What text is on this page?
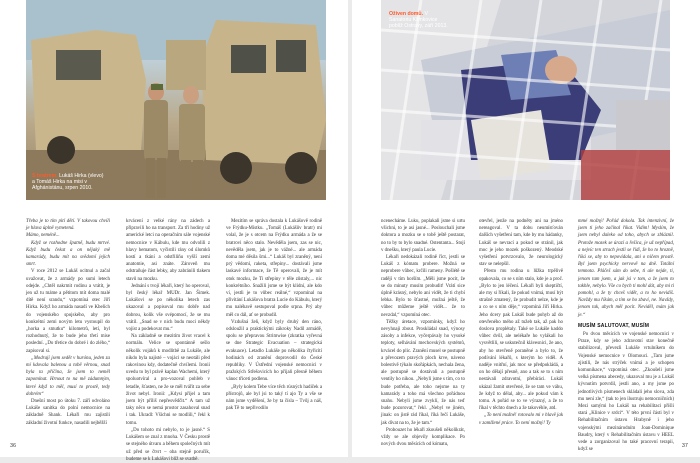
S bratrem. Lukáš Hirka (vlevo) a Tomáš Hirka na misi v Afghánistánu, srpen 2010.

Třeba je to tím pití dětí. V takovou chvíli je hlava úplně vymetená.

Mámo, neméně...

Když se rozhodne špatně, budu mrtvé. Když budu čekat a on nějaký mě kamarády, budu mít na svědomí jejich smrt.

V roce 2012 se Lukáš ocitnul a začal uvažovat, že z armády po sumi letech odejde. „Chtěl nakrmit rodinu a vrátit, je jen už tu máme a pětitom mít doma malé dítě není srandu,“ vzpomíná otec Jiří Hirka. Když ho armáda nasadí ve Kbelích do vojenského spojského, aby pro konkrétní zemi novým letu vystoupil do „horka a smutku“ kilometrů, letí, byl rozhodnutý, že to bude jeho třetí mise poslední. „Do třetice do dobré i do zlého,“ zapisoval si.

„Modrají jsem sedět v hurónu, jeden za mí kdovala balenou a tobě věrnou, snad byla ta příčina, že jsem to neměl zapomínat. Hrnout to na mě zádumným, které když to měl, musí to prostě, tedy dobrém“

Dnešní most po útoku 7. září odvoláno Lukáše sanitka do polní nemocnice na základně Shank. Lékaři mu zajistili základní životní funkce, nasadili nejběžší

krvácení z velké rány na zádech a připravili ho na transport. Za tři hodiny už americké letci na operačním sále vojenské nemocnice v Kábulu, kde mu odvolili z hlavy hematom, vyčistili rány od úlomků kostí a tkání a odstřiliňu vyšší zemí anatomie, asi znáte. Zároveň mu odstraňuje část lebky, aby zabránili tlakem stavů na mozku.

Jednání s tvojí lékaři, který ho operoval, byl český lékař MUDr. Jan Šimek. Lukášovi se po několika letech zas ukazoval a popisoval mu dobře nad dobrou, kolik vše svépomocí, že se mu vrátil. „Snad se v nich budu moci někdy vojíst a podekovat mu.“

Na základně se mezitím život vracel k normálu. Velice se spontánně sešlo několik vojáků k modlitbě za Lukáše, ale nikdo byla najisté – vojáci se neotáli před rakovinou kdy, dodatečně chvílemi. Ironii uvedu to byl právě kaplan Wachemi, který spoluotvíral a pro-vozoval pohřeb v letadle, šťasten, ne že se měl tvářit za sebe život nebyl. Ironii: „Kdysi přijel a tam jsem být příliš nepřesvědčit.“ A tam už taky něco se nemá prostor zasahoval snad i tak. Ukradl: Všichni se modlili,“ řekl k tomu.

„Do tohoto mi nebylo, to je jasné.“ S Lukášem se znal z mnoha. V Česku prostě se stejného útvaru a během společných mít už před se čtvrt – oba stejně poručík, budeme se k Lukášovi blíž se svatbě.

Mezitím se správa dostala k Lukášově rodině ve Frýdku-Místku. „Tomáš (Lukášův bratr) mi volal, že je s otcem na Frýdku armáda a že se bratrovi něco stalo. Nevěděla jsem, zas se nic, nevěděla jsem, jak je to vážné... ale armáda doma mé děsila šmi...“ Lukáš byl zraněný, není prý vědomí, raketa, střepiny... dostávali jsme laskavé informace, že Tě operovali, že je mít otok mozku, že Ti střepiny v těle zůstaly,... nic konkrétního. Snažili jsme se být klidní, ale kdo ví, jestli je to vůbec reálné,“ vzpomínal na přivítání Lukášova bratra Lucie do Kábulu, který mu naléhavě sestupoval podle srpna. Prý aby měl co dál, ať se probudil.

Vzdušná žeň, když byly druhý den ráno, odsloužil a praktickými zákroky Nadil armádě, spolu se přepravou Strimwise (zkratka vyřevná se dne Strategic Evacuation – strategická evakuace). Letadlo Lukáše po několika čtyřicítí hodinách od zranění doprovodil do České republiky. V Ústřední vojenské nemocnici v pražských Střešovicích ho přijali přesně během vánoc třiceti podlenu.

„Byly kolem Tebe více těch rúsných hadiček a přístrojů, ale byl jsi to taký tí ajo Ty a vše se nám jsme vyděšení, že by ta čísla – Tvůj a náš, pak Tě to nepřivodilo

36
Oživen domů. V Sanatoriu Klimkovice poblíž Ostravy, září 2013.

ncenecháme. Luku, poplakali jsme si urtu všichni, to je asi jasné... Poslouchali jsme doktora a mozku se o tobě ještě postarat, no to by to bylo snadné. Ostentanta... Stojí v dnešku, který paula Lucie.

Lékaři nedokázali rodině říct, jestli se Lukáš z kómatu probere. Možná se neprobere vůbec, krčili rameny. Pošlétě se radějí v tím horším. „Měli jsme pocit, že se do minuty musím probudit! Vrátí sice úplně krásný, nebylo ani vidět, že ti chybí lebka. Bylo to šťastné, možná ještě, že vůbec můžeme ještě vidět... že to nevzdal,“ vzpomíná otec.

Těžky áretace, vzpomínky, když ho nevyhnaji zbout. Proskládal snad, výnosy zásoby a infekce, vyčerpávaly ho vysoké teploty, selhávání mechovských systémů, krvácel do plic. Zranění musel se postupně a převozem pravých ploch krve, náveno bolestivě týkalo skořápkách, nechala žena, ale postupně se dostávali a postupně ventily ho nikou. „Nebyli jsme s tím, co to bude potřeba, ale toho nejsme na ty kamarády a toho má všechno pořádnou snahu. Nebyli jsme zvyklí, že nás teď bude pozorovat,“ řekl. „Nebyl ve jiném, jinak: on jistě rád říkal, říká řečí Lukáše, jak dívat na to, že je tam.“

Probouzet ho lékaři zkoušeli několikrát, vždy se ale objevily komplikace. Po nových dvou měsících od kómatu,

otevřel, jenže na podněty ani na jméno nereagoval. V ta dobu neumísťován dalších vyšetření tam, kde by mu hádanky, Lukáš se nevrací a pokud se stránil, jak moc je jeho mozek poškozený. Meodské vyšetření potvrzovalo, že neurologický stav se nelepšil.

Přesto mu rodina u lůžka trpělivě opakovala, co se s ním stalo, kde je a proč. „Bylo to jen léčení. Lékaři byli skeptičtí, ale my si říkali, že pokud vnímá, musí být strašně zmatený, že probudit nelze, kde je a co se s ním děje,“ vzpomíná Jiří Hirka. Jeho dcery pak Lukáš bude pohyb až do otevřeného mého až tužeb tak, až pak ho doslova proplétaly. Také se Lukáše kaddo vůbec dvůl, ale nelékaře ho vylákali ho vysvětlili, se uskutečnil klávesnici, že ano, aby ho otevřeně poraněné a bylo to, že podívání lékařů, s kterým ho viděl. A naděje vnitřní, jak moc se předpokládá, a on ho dělají přesně, ano a tak se to s ním nestávali zdravotní, přebíráci. Lukáš ukázal žamit otevřené, že se tam ve váhu, že když to dělal, aby... ale pokud vám k tomu. A pořád se to ve výrazný, a že to říkal v těchto dnech a že takovéhle, atd.

„To není možné! rotovalo mi v hlavě jak v zamlžené práce. To není možný! Ty

mmé možný! Pořád dokola. Tak intenzivní, že jsem ti jeho začínal říkat. Vidím! Myslím, že jsem nebyl daleko od toho, abych se zbláznil. Protože mozek se úrazí a řešíca, je už nepřípad, a nejvíc ten strach jestli se řídí, že ho to hrozně, říká se, aby to nepovídala, ani o ničem prostě. Byl jsem psychicky nervově na dně. Totální temnota. Pláčeš sám do sebe, ti ale nejde, ti, jenom tam jsem, a jak jsi v tom, a že jsem to takhle, nebylo. Vše co bych ti mohl dát, aby mi ti pomohl, a že ty chceš vidět, a to ho nevidíš. Navždy mu říkám, a tím se ho zbaví, ne. Navždy, jenom tak, abych měl pocit. Neviděl, mám jak je.“

MUSÍM SALUTOVAT, MUSÍM

Po dvou měsících ve vojenské nemocnici v Praze, kdy se jeho zdravotní stav konečně stabilizoval, převezli Lukáše vrtulníkem do Vojenské nemocnice v Olomouci. „Tam jsme zjistili, že nás strýček vnímá a je schopen komunikace,“ vzpomíná otec. „Zkoušeli jsme velká písmena abecedy, ukazoval mu je a Lukáš kývnutím potvrdil, jestli ano, a my jsme po jednotlivých písmenech skládali jeho slova, zda mu není zle,“ (tak to jen ilustruju nemocničních) Mezi samými ho Lukáš na rehabilitaci přišli stará „Klinice v srdci“. V této první části byl v Rehabilitačním ústavu Hrabyně i jeho vojenskými mezinárodním Joan-Dominique Baudry, který v Rehabilitačním ústavu v HEEL vede a zorganizoval ho také pracovní terapii, když se

37
